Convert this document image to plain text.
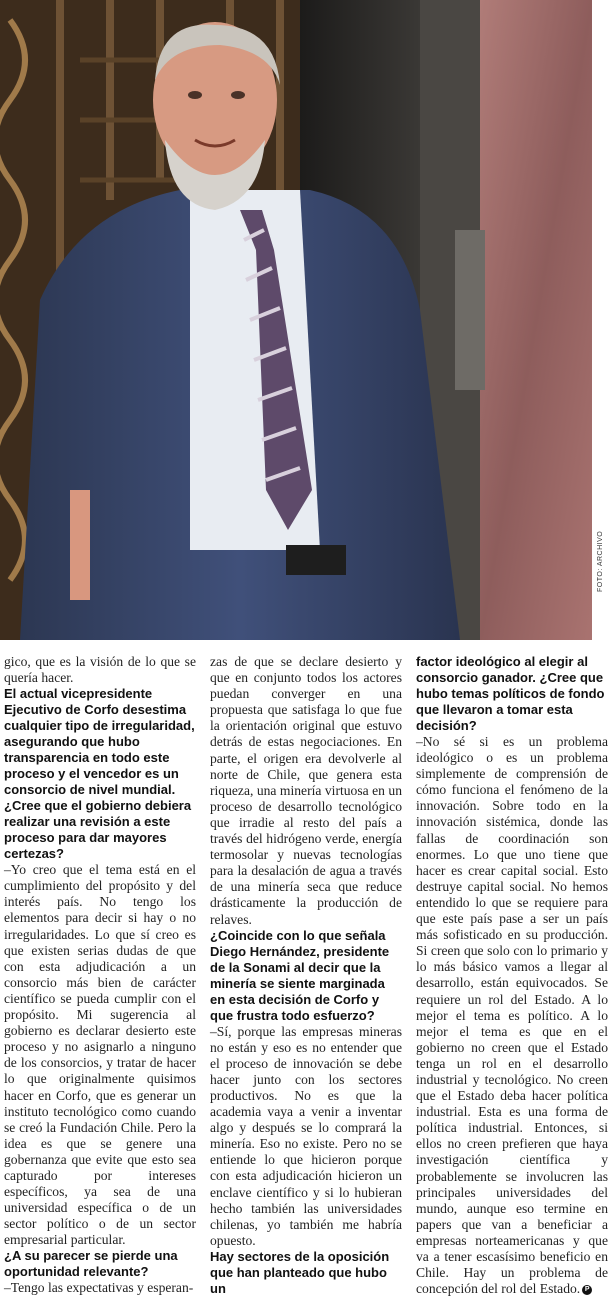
FOTO: ARCHIVO

gico, que es la visión de lo que se quería hacer.

El actual vicepresidente Ejecutivo de Corfo desestima cualquier tipo de irregularidad, asegurando que hubo transparencia en todo este proceso y el vencedor es un consorcio de nivel mundial. ¿Cree que el gobierno debiera realizar una revisión a este proceso para dar mayores certezas?

–Yo creo que el tema está en el cumplimiento del propósito y del interés país. No tengo los elementos para decir si hay o no irregularidades. Lo que sí creo es que existen serias dudas de que con esta adjudicación a un consorcio más bien de carácter científico se pueda cumplir con el propósito. Mi sugerencia al gobierno es declarar desierto este proceso y no asignarlo a ninguno de los consorcios, y tratar de hacer lo que originalmente quisimos hacer en Corfo, que es generar un instituto tecnológico como cuando se creó la Fundación Chile. Pero la idea es que se genere una gobernanza que evite que esto sea capturado por intereses específicos, ya sea de una universidad específica o de un sector político o de un sector empresarial particular.

¿A su parecer se pierde una oportunidad relevante?

–Tengo las expectativas y esperan-

zas de que se declare desierto y que en conjunto todos los actores puedan converger en una propuesta que satisfaga lo que fue la orientación original que estuvo detrás de estas negociaciones. En parte, el origen era devolverle al norte de Chile, que genera esta riqueza, una minería virtuosa en un proceso de desarrollo tecnológico que irradie al resto del país a través del hidrógeno verde, energía termosolar y nuevas tecnologías para la desalación de agua a través de una minería seca que reduce drásticamente la producción de relaves.

¿Coincide con lo que señala Diego Hernández, presidente de la Sonami al decir que la minería se siente marginada en esta decisión de Corfo y que frustra todo esfuerzo?

–Sí, porque las empresas mineras no están y eso es no entender que el proceso de innovación se debe hacer junto con los sectores productivos. No es que la academia vaya a venir a inventar algo y después se lo comprará la minería. Eso no existe. Pero no se entiende lo que hicieron porque con esta adjudicación hicieron un enclave científico y si lo hubieran hecho también las universidades chilenas, yo también me habría opuesto.

Hay sectores de la oposición que han planteado que hubo un

factor ideológico al elegir al consorcio ganador. ¿Cree que hubo temas políticos de fondo que llevaron a tomar esta decisión?

–No sé si es un problema ideológico o es un problema simplemente de comprensión de cómo funciona el fenómeno de la innovación. Sobre todo en la innovación sistémica, donde las fallas de coordinación son enormes. Lo que uno tiene que hacer es crear capital social. Esto destruye capital social. No hemos entendido lo que se requiere para que este país pase a ser un país más sofisticado en su producción. Si creen que solo con lo primario y lo más básico vamos a llegar al desarrollo, están equivocados. Se requiere un rol del Estado. A lo mejor el tema es político. A lo mejor el tema es que en el gobierno no creen que el Estado tenga un rol en el desarrollo industrial y tecnológico. No creen que el Estado deba hacer política industrial. Esta es una forma de política industrial. Entonces, si ellos no creen prefieren que haya investigación científica y probablemente se involucren las principales universidades del mundo, aunque eso termine en papers que van a beneficiar a empresas norteamericanas y que va a tener escasísimo beneficio en Chile. Hay un problema de concepción del rol del Estado. P
